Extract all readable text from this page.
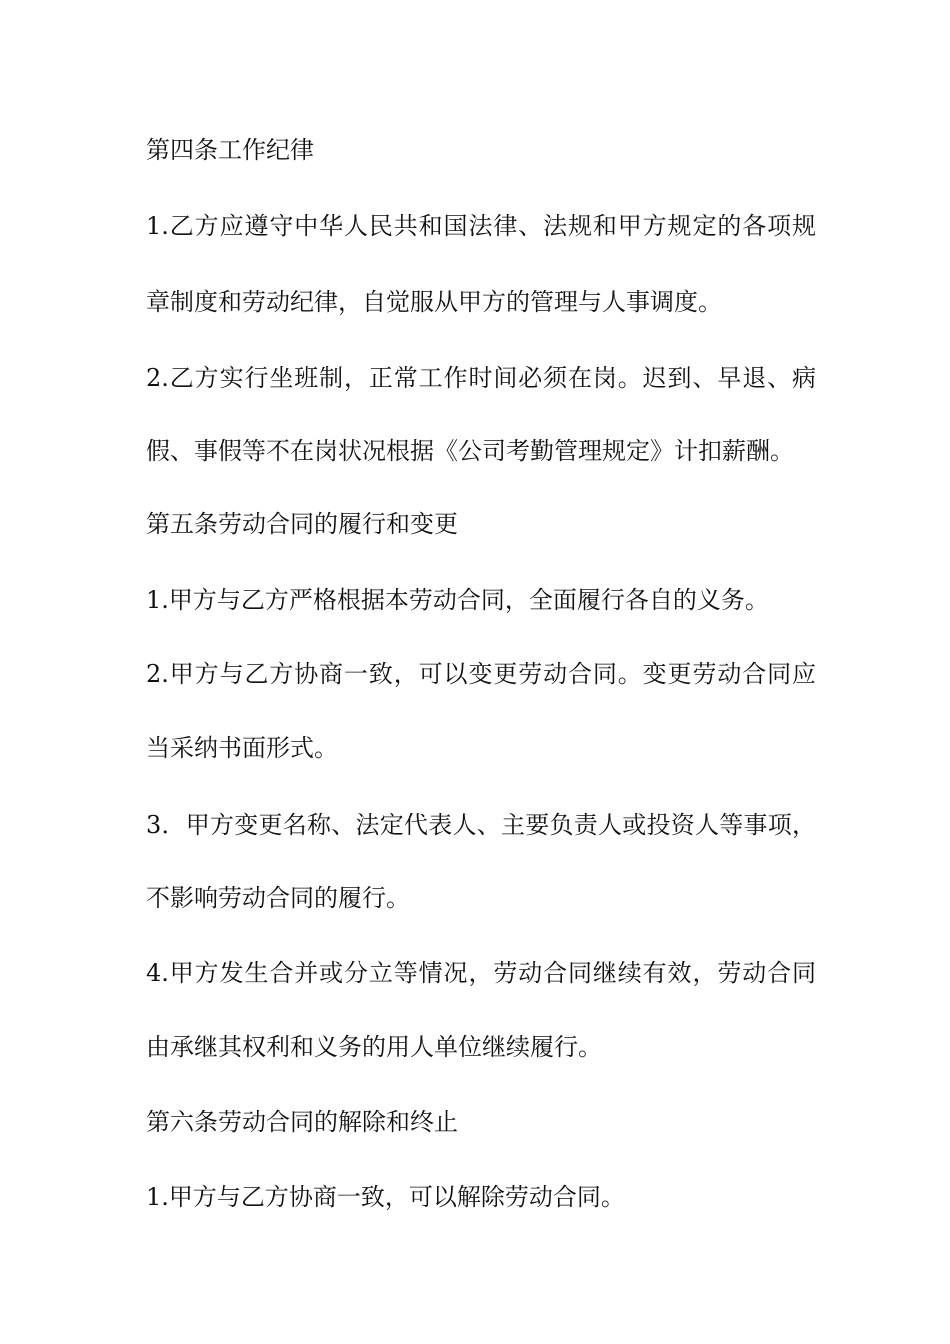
第四条工作纪律
1.乙方应遵守中华人民共和国法律、法规和甲方规定的各项规
章制度和劳动纪律，自觉服从甲方的管理与人事调度。
2.乙方实行坐班制，正常工作时间必须在岗。迟到、早退、病
假、事假等不在岗状况根据《公司考勤管理规定》计扣薪酬。
第五条劳动合同的履行和变更
1.甲方与乙方严格根据本劳动合同，全面履行各自的义务。
2.甲方与乙方协商一致，可以变更劳动合同。变更劳动合同应
当采纳书面形式。
3．甲方变更名称、法定代表人、主要负责人或投资人等事项，
不影响劳动合同的履行。
4.甲方发生合并或分立等情况，劳动合同继续有效，劳动合同
由承继其权利和义务的用人单位继续履行。
第六条劳动合同的解除和终止
1.甲方与乙方协商一致，可以解除劳动合同。
